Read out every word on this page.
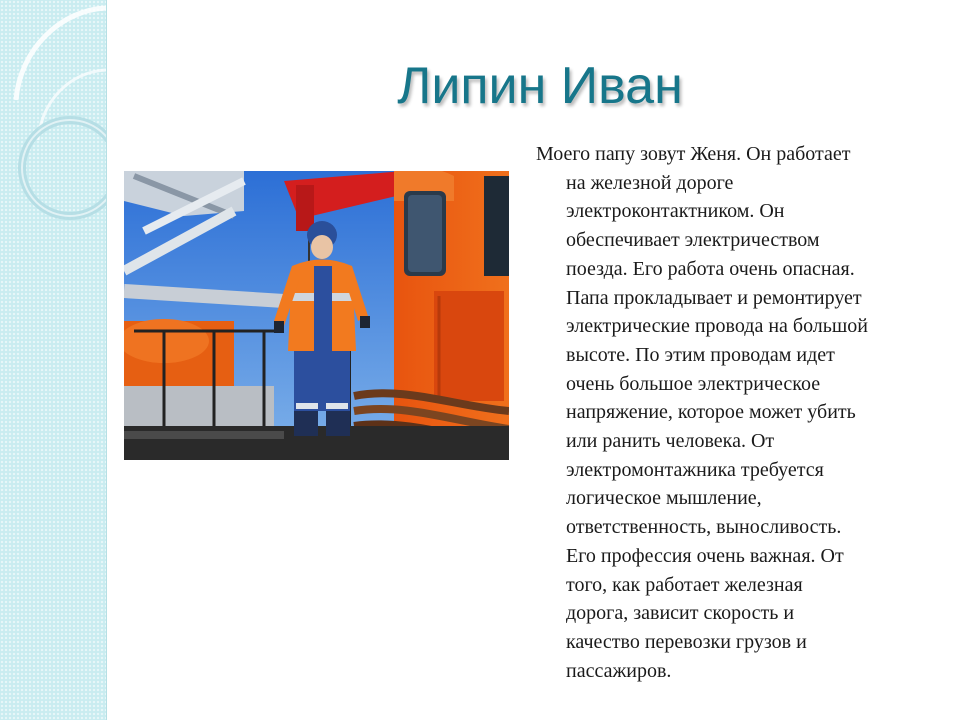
Липин Иван
Моего папу зовут Женя. Он работает
на железной дороге
электроконтактником. Он
обеспечивает электричеством
поезда. Его работа очень опасная.
Папа прокладывает и ремонтирует
электрические провода на большой
высоте. По этим проводам идет
очень большое электрическое
напряжение, которое может убить
или ранить человека. От
электромонтажника требуется
логическое мышление,
ответственность, выносливость.
Его профессия очень важная. От
того, как работает железная
дорога, зависит скорость и
качество перевозки грузов и
пассажиров.
